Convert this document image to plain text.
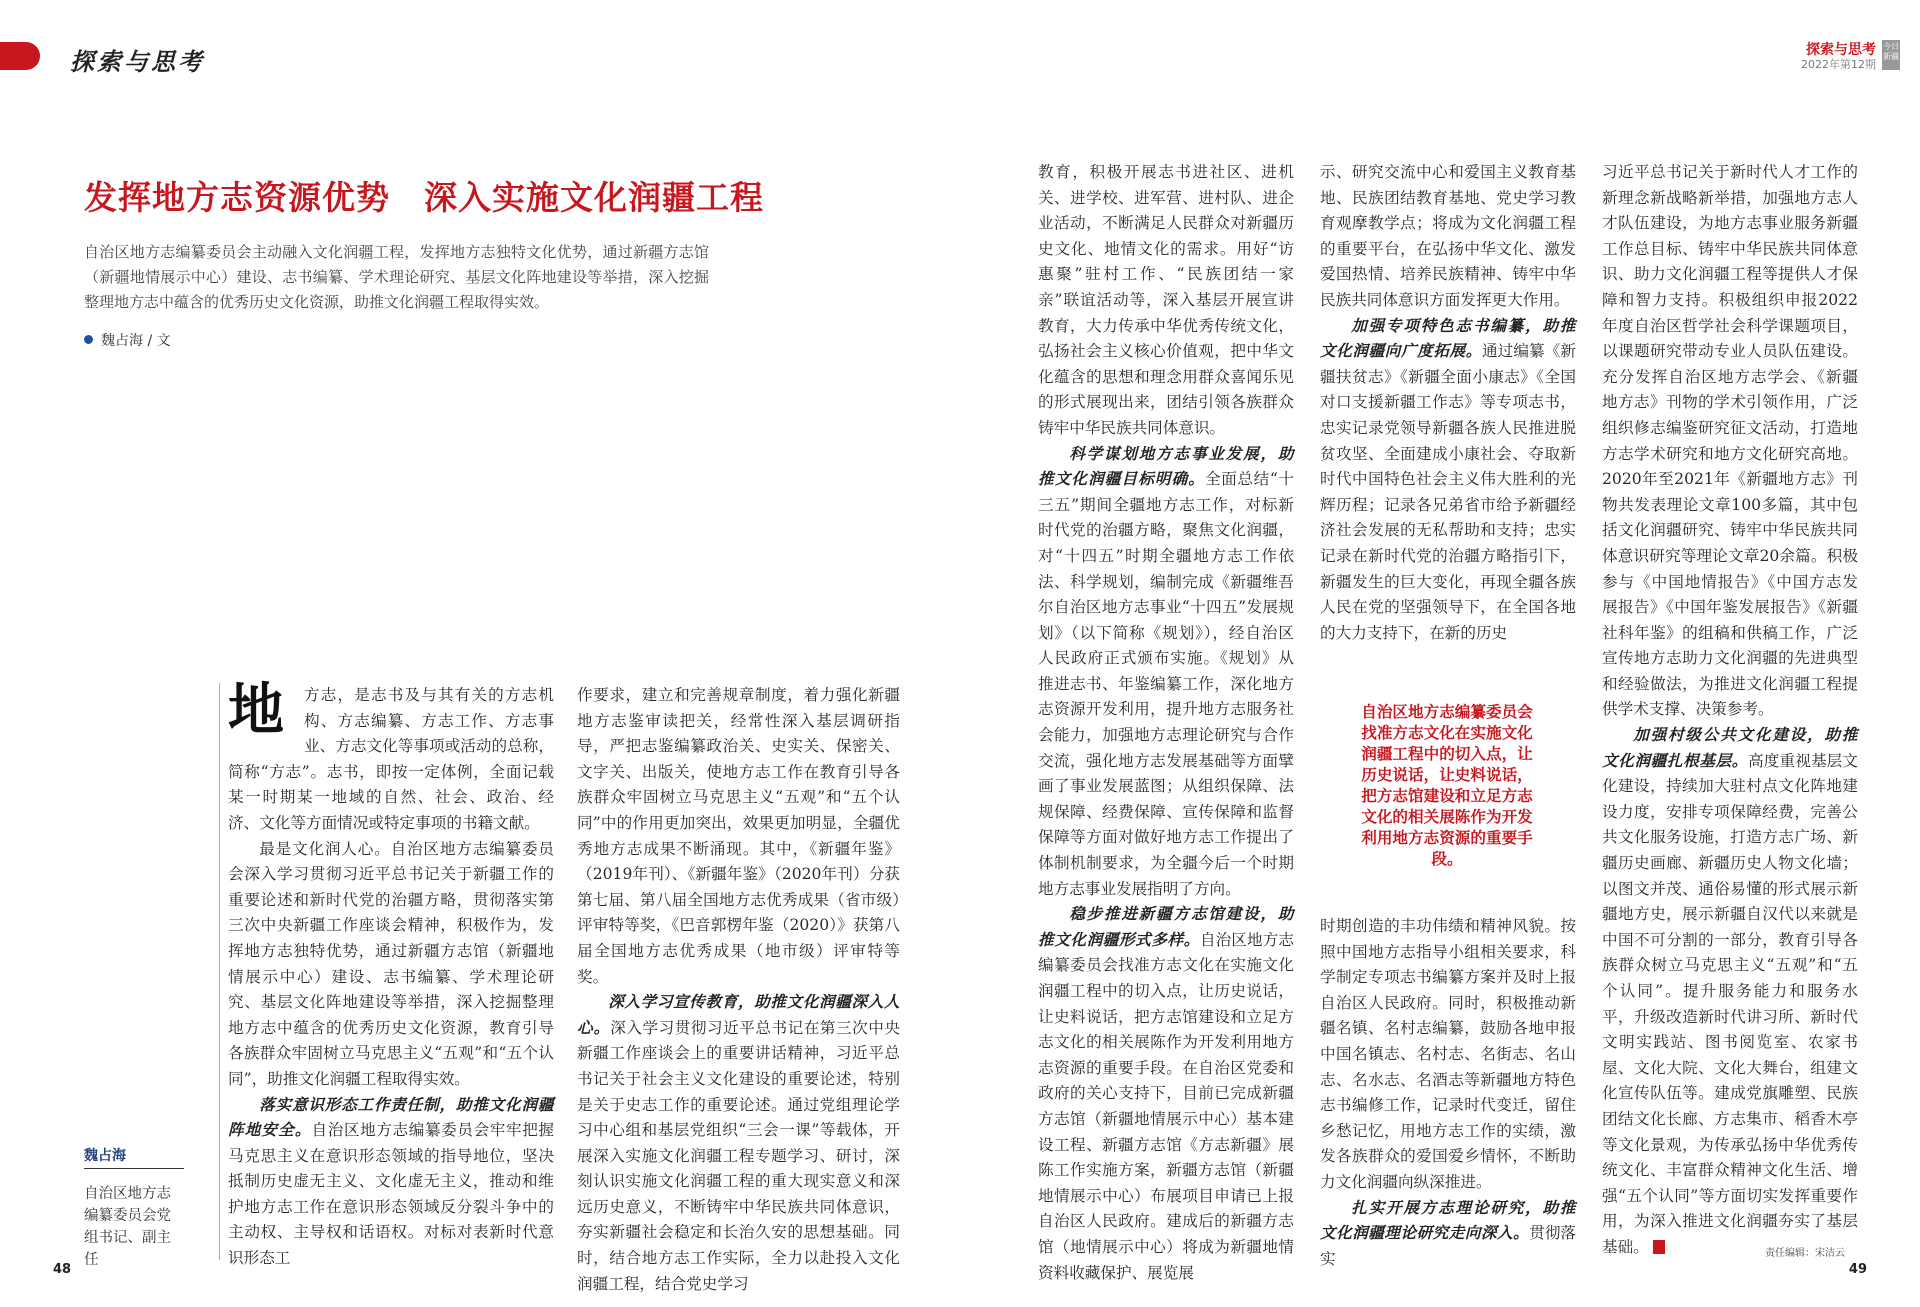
探索与思考	探索与思考
2022年第12期
今日新疆
发挥地方志资源优势　深入实施文化润疆工程
自治区地方志编纂委员会主动融入文化润疆工程，发挥地方志独特文化优势，通过新疆方志馆（新疆地情展示中心）建设、志书编纂、学术理论研究、基层文化阵地建设等举措，深入挖掘整理地方志中蕴含的优秀历史文化资源，助推文化润疆工程取得实效。
魏占海 / 文
魏占海
自治区地方志编纂委员会党组书记、副主任

地	方志，是志书及与其有关的方志机构、方志编纂、方志工作、方志事业、方志文化等事项或活动的总称，简称“方志”。志书，即按一定体例，全面记载某一时期某一地域的自然、社会、政治、经济、文化等方面情况或特定事项的书籍文献。

最是文化润人心。自治区地方志编纂委员会深入学习贯彻习近平总书记关于新疆工作的重要论述和新时代党的治疆方略，贯彻落实第三次中央新疆工作座谈会精神，积极作为，发挥地方志独特优势，通过新疆方志馆（新疆地情展示中心）建设、志书编纂、学术理论研究、基层文化阵地建设等举措，深入挖掘整理地方志中蕴含的优秀历史文化资源，教育引导各族群众牢固树立马克思主义“五观”和“五个认同”，助推文化润疆工程取得实效。

落实意识形态工作责任制，助推文化润疆阵地安全。自治区地方志编纂委员会牢牢把握马克思主义在意识形态领域的指导地位，坚决抵制历史虚无主义、文化虚无主义，推动和维护地方志工作在意识形态领域反分裂斗争中的主动权、主导权和话语权。对标对表新时代意识形态工

作要求，建立和完善规章制度，着力强化新疆地方志鉴审读把关，经常性深入基层调研指导，严把志鉴编纂政治关、史实关、保密关、文字关、出版关，使地方志工作在教育引导各族群众牢固树立马克思主义“五观”和“五个认同”中的作用更加突出，效果更加明显，全疆优秀地方志成果不断涌现。其中，《新疆年鉴》（2019年刊）、《新疆年鉴》（2020年刊）分获第七届、第八届全国地方志优秀成果（省市级）评审特等奖，《巴音郭楞年鉴（2020）》获第八届全国地方志优秀成果（地市级）评审特等奖。

深入学习宣传教育，助推文化润疆深入人心。深入学习贯彻习近平总书记在第三次中央新疆工作座谈会上的重要讲话精神，习近平总书记关于社会主义文化建设的重要论述，特别是关于史志工作的重要论述。通过党组理论学习中心组和基层党组织“三会一课”等载体，开展深入实施文化润疆工程专题学习、研讨，深刻认识实施文化润疆工程的重大现实意义和深远历史意义，不断铸牢中华民族共同体意识，夯实新疆社会稳定和长治久安的思想基础。同时，结合地方志工作实际，全力以赴投入文化润疆工程，结合党史学习

教育，积极开展志书进社区、进机关、进学校、进军营、进村队、进企业活动，不断满足人民群众对新疆历史文化、地情文化的需求。用好“访惠聚”驻村工作、“民族团结一家亲”联谊活动等，深入基层开展宣讲教育，大力传承中华优秀传统文化，弘扬社会主义核心价值观，把中华文化蕴含的思想和理念用群众喜闻乐见的形式展现出来，团结引领各族群众铸牢中华民族共同体意识。

科学谋划地方志事业发展，助推文化润疆目标明确。全面总结“十三五”期间全疆地方志工作，对标新时代党的治疆方略，聚焦文化润疆，对“十四五”时期全疆地方志工作依法、科学规划，编制完成《新疆维吾尔自治区地方志事业“十四五”发展规划》（以下简称《规划》），经自治区人民政府正式颁布实施。《规划》从推进志书、年鉴编纂工作，深化地方志资源开发利用，提升地方志服务社会能力，加强地方志理论研究与合作交流，强化地方志发展基础等方面擘画了事业发展蓝图；从组织保障、法规保障、经费保障、宣传保障和监督保障等方面对做好地方志工作提出了体制机制要求，为全疆今后一个时期地方志事业发展指明了方向。

稳步推进新疆方志馆建设，助推文化润疆形式多样。自治区地方志编纂委员会找准方志文化在实施文化润疆工程中的切入点，让历史说话，让史料说话，把方志馆建设和立足方志文化的相关展陈作为开发利用地方志资源的重要手段。在自治区党委和政府的关心支持下，目前已完成新疆方志馆（新疆地情展示中心）基本建设工程、新疆方志馆《方志新疆》展陈工作实施方案，新疆方志馆（新疆地情展示中心）布展项目申请已上报自治区人民政府。建成后的新疆方志馆（地情展示中心）将成为新疆地情资料收藏保护、展览展

示、研究交流中心和爱国主义教育基地、民族团结教育基地、党史学习教育观摩教学点；将成为文化润疆工程的重要平台，在弘扬中华文化、激发爱国热情、培养民族精神、铸牢中华民族共同体意识方面发挥更大作用。

加强专项特色志书编纂，助推文化润疆向广度拓展。通过编纂《新疆扶贫志》《新疆全面小康志》《全国对口支援新疆工作志》等专项志书，忠实记录党领导新疆各族人民推进脱贫攻坚、全面建成小康社会、夺取新时代中国特色社会主义伟大胜利的光辉历程；记录各兄弟省市给予新疆经济社会发展的无私帮助和支持；忠实记录在新时代党的治疆方略指引下，新疆发生的巨大变化，再现全疆各族人民在党的坚强领导下，在全国各地的大力支持下，在新的历史

自治区地方志编纂委员会找准方志文化在实施文化润疆工程中的切入点，让历史说话，让史料说话，把方志馆建设和立足方志文化的相关展陈作为开发利用地方志资源的重要手段。

时期创造的丰功伟绩和精神风貌。按照中国地方志指导小组相关要求，科学制定专项志书编纂方案并及时上报自治区人民政府。同时，积极推动新疆名镇、名村志编纂，鼓励各地申报中国名镇志、名村志、名街志、名山志、名水志、名酒志等新疆地方特色志书编修工作，记录时代变迁，留住乡愁记忆，用地方志工作的实绩，激发各族群众的爱国爱乡情怀，不断助力文化润疆向纵深推进。

扎实开展方志理论研究，助推文化润疆理论研究走向深入。贯彻落实

习近平总书记关于新时代人才工作的新理念新战略新举措，加强地方志人才队伍建设，为地方志事业服务新疆工作总目标、铸牢中华民族共同体意识、助力文化润疆工程等提供人才保障和智力支持。积极组织申报2022年度自治区哲学社会科学课题项目，以课题研究带动专业人员队伍建设。充分发挥自治区地方志学会、《新疆地方志》刊物的学术引领作用，广泛组织修志编鉴研究征文活动，打造地方志学术研究和地方文化研究高地。2020年至2021年《新疆地方志》刊物共发表理论文章100多篇，其中包括文化润疆研究、铸牢中华民族共同体意识研究等理论文章20余篇。积极参与《中国地情报告》《中国方志发展报告》《中国年鉴发展报告》《新疆社科年鉴》的组稿和供稿工作，广泛宣传地方志助力文化润疆的先进典型和经验做法，为推进文化润疆工程提供学术支撑、决策参考。

加强村级公共文化建设，助推文化润疆扎根基层。高度重视基层文化建设，持续加大驻村点文化阵地建设力度，安排专项保障经费，完善公共文化服务设施，打造方志广场、新疆历史画廊、新疆历史人物文化墙；以图文并茂、通俗易懂的形式展示新疆地方史，展示新疆自汉代以来就是中国不可分割的一部分，教育引导各族群众树立马克思主义“五观”和“五个认同”。提升服务能力和服务水平，升级改造新时代讲习所、新时代文明实践站、图书阅览室、农家书屋、文化大院、文化大舞台，组建文化宣传队伍等。建成党旗雕塑、民族团结文化长廊、方志集市、稻香木亭等文化景观，为传承弘扬中华优秀传统文化、丰富群众精神文化生活、增强“五个认同”等方面切实发挥重要作用，为深入推进文化润疆夯实了基层基础。

48	49
责任编辑：宋洁云
